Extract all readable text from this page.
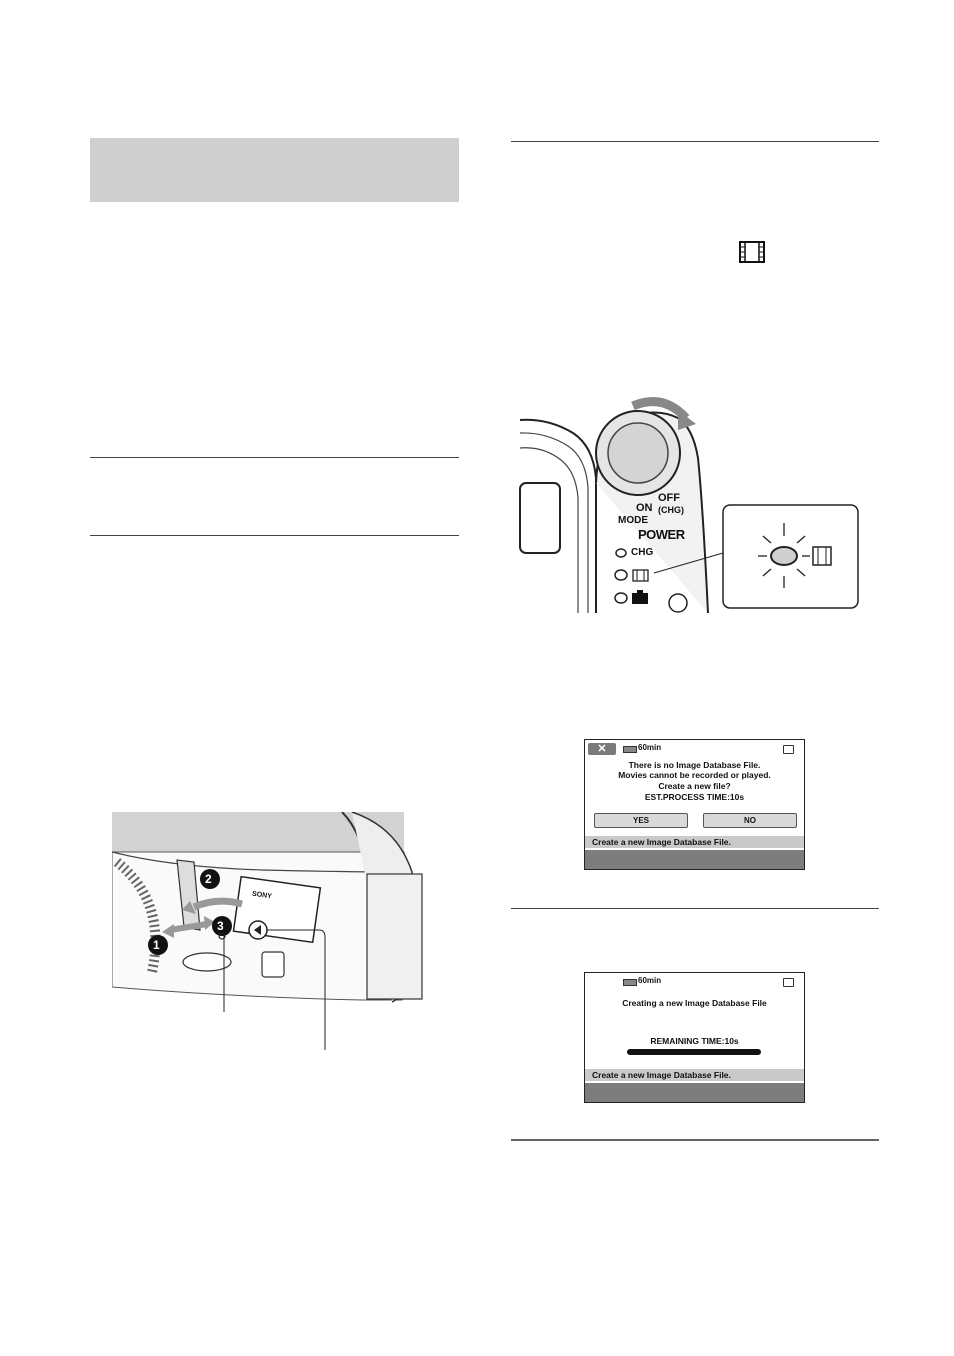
MODE
ON
OFF
(CHG)
POWER
CHG
1
2
3
SONY
✕	60min
There is no Image Database File.
Movies cannot be recorded or played.
Create a new file?
EST.PROCESS TIME:10s
YES	NO
Create a new Image Database File.
60min
Creating a new Image Database File
REMAINING TIME:10s
Create a new Image Database File.
